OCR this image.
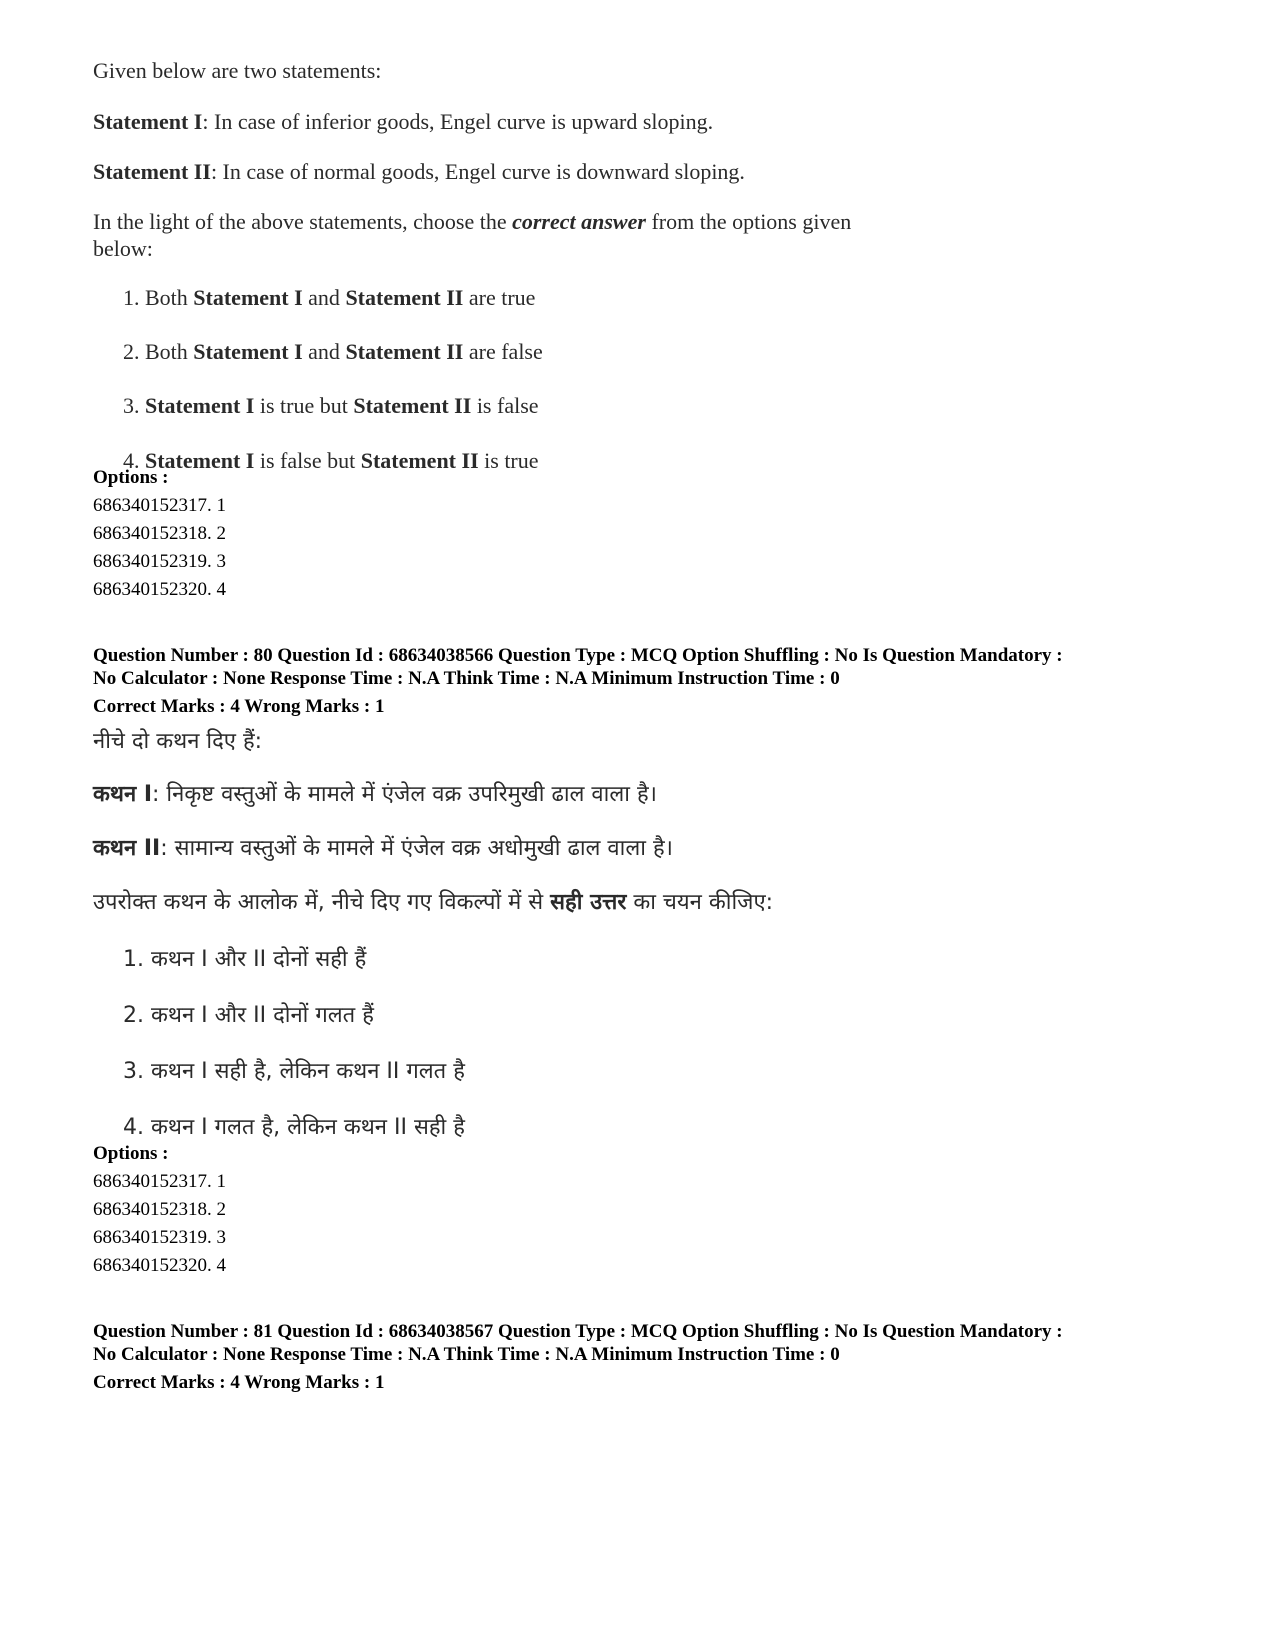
Given below are two statements:

Statement I: In case of inferior goods, Engel curve is upward sloping.

Statement II: In case of normal goods, Engel curve is downward sloping.

In the light of the above statements, choose the correct answer from the options given below:

1. Both Statement I and Statement II are true
2. Both Statement I and Statement II are false
3. Statement I is true but Statement II is false
4. Statement I is false but Statement II is true
Options :
686340152317. 1
686340152318. 2
686340152319. 3
686340152320. 4
Question Number : 80 Question Id : 68634038566 Question Type : MCQ Option Shuffling : No Is Question Mandatory :
No Calculator : None Response Time : N.A Think Time : N.A Minimum Instruction Time : 0
Correct Marks : 4 Wrong Marks : 1
नीचे दो कथन दिए हैं:
कथन I: निकृष्ट वस्तुओं के मामले में एंजेल वक्र उपरिमुखी ढाल वाला है।
कथन II: सामान्य वस्तुओं के मामले में एंजेल वक्र अधोमुखी ढाल वाला है।
उपरोक्त कथन के आलोक में, नीचे दिए गए विकल्पों में से सही उत्तर का चयन कीजिए:
1. कथन I और II दोनों सही हैं
2. कथन I और II दोनों गलत हैं
3. कथन I सही है, लेकिन कथन II गलत है
4. कथन I गलत है, लेकिन कथन II सही है
Options :
686340152317. 1
686340152318. 2
686340152319. 3
686340152320. 4
Question Number : 81 Question Id : 68634038567 Question Type : MCQ Option Shuffling : No Is Question Mandatory :
No Calculator : None Response Time : N.A Think Time : N.A Minimum Instruction Time : 0
Correct Marks : 4 Wrong Marks : 1
